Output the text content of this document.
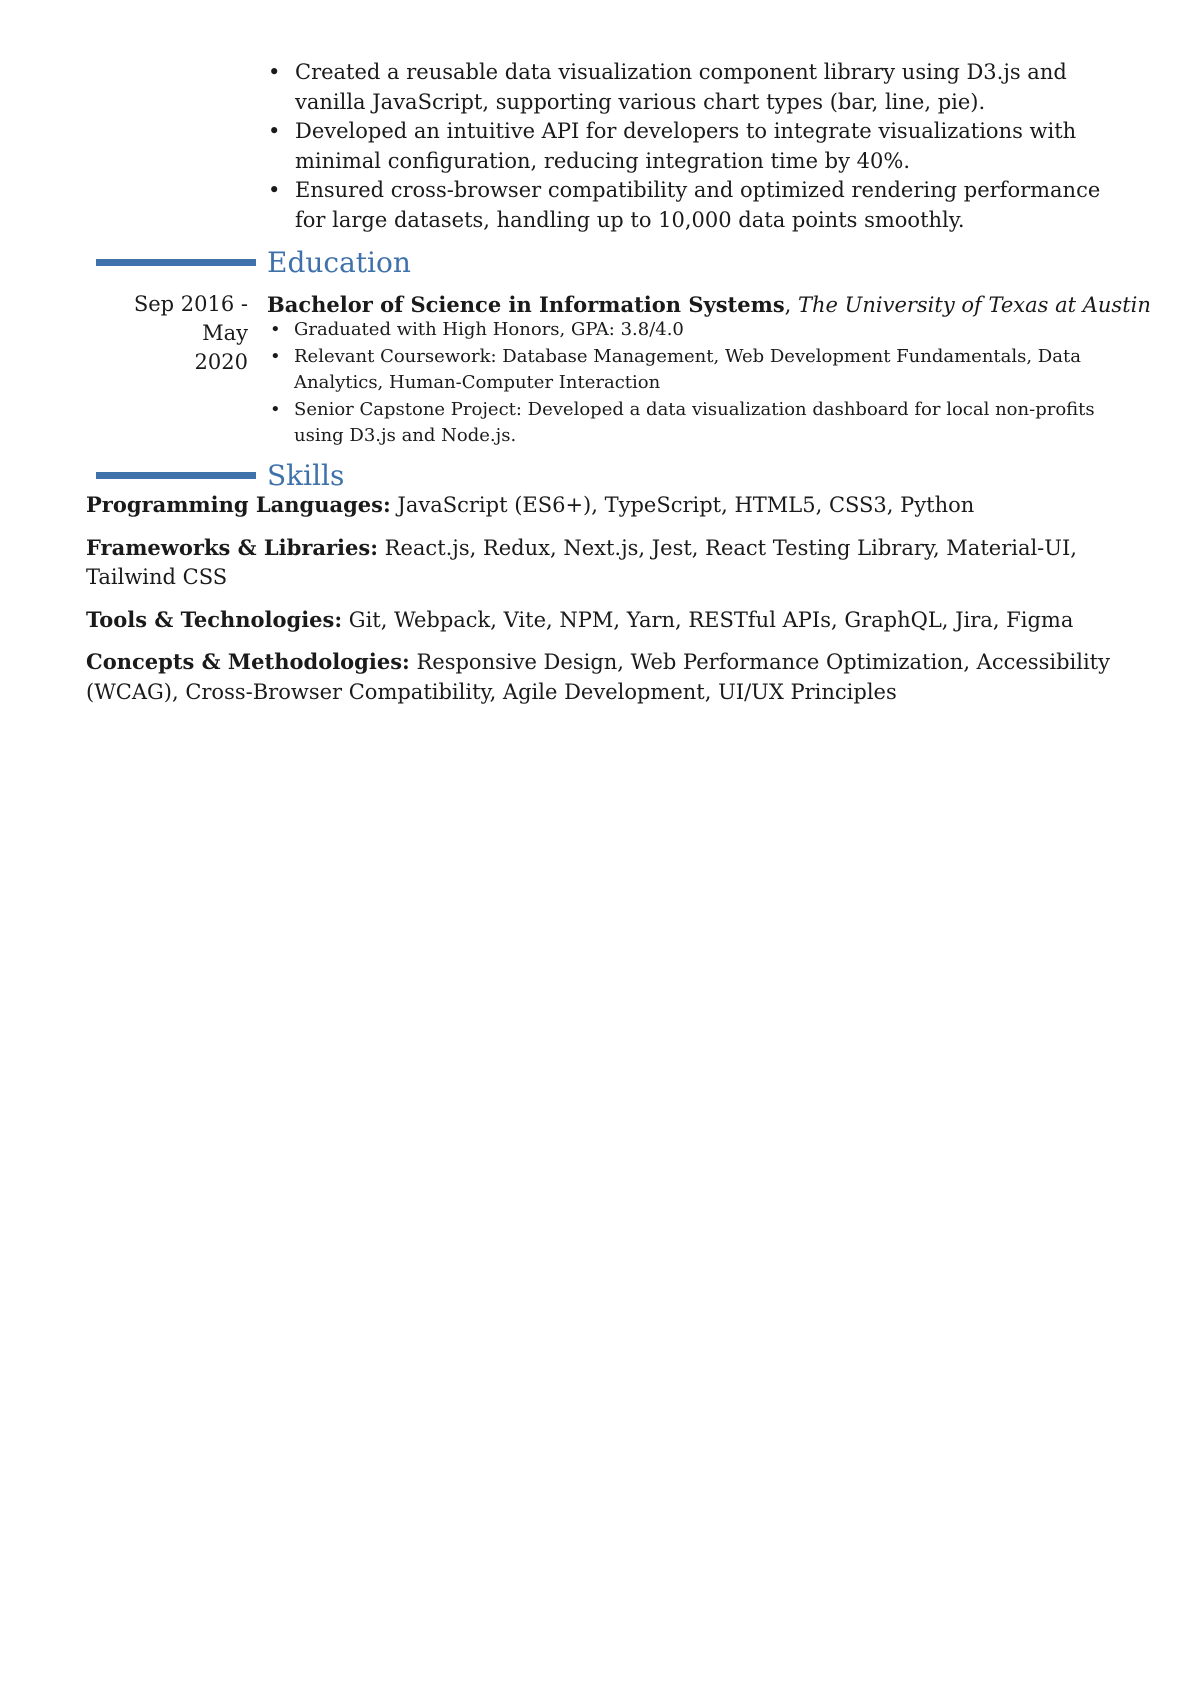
• Created a reusable data visualization component library using D3.js and vanilla JavaScript, supporting various chart types (bar, line, pie).
• Developed an intuitive API for developers to integrate visualizations with minimal configuration, reducing integration time by 40%.
• Ensured cross-browser compatibility and optimized rendering performance for large datasets, handling up to 10,000 data points smoothly.
Education
Sep 2016 - May
2020
Bachelor of Science in Information Systems, The University of Texas at Austin
• Graduated with High Honors, GPA: 3.8/4.0
• Relevant Coursework: Database Management, Web Development Fundamentals, Data Analytics, Human-Computer Interaction
• Senior Capstone Project: Developed a data visualization dashboard for local non-profits using D3.js and Node.js.
Skills

Programming Languages: JavaScript (ES6+), TypeScript, HTML5, CSS3, Python

Frameworks & Libraries: React.js, Redux, Next.js, Jest, React Testing Library, Material-UI, Tailwind CSS

Tools & Technologies: Git, Webpack, Vite, NPM, Yarn, RESTful APIs, GraphQL, Jira, Figma

Concepts & Methodologies: Responsive Design, Web Performance Optimization, Accessibility (WCAG), Cross-Browser Compatibility, Agile Development, UI/UX Principles
